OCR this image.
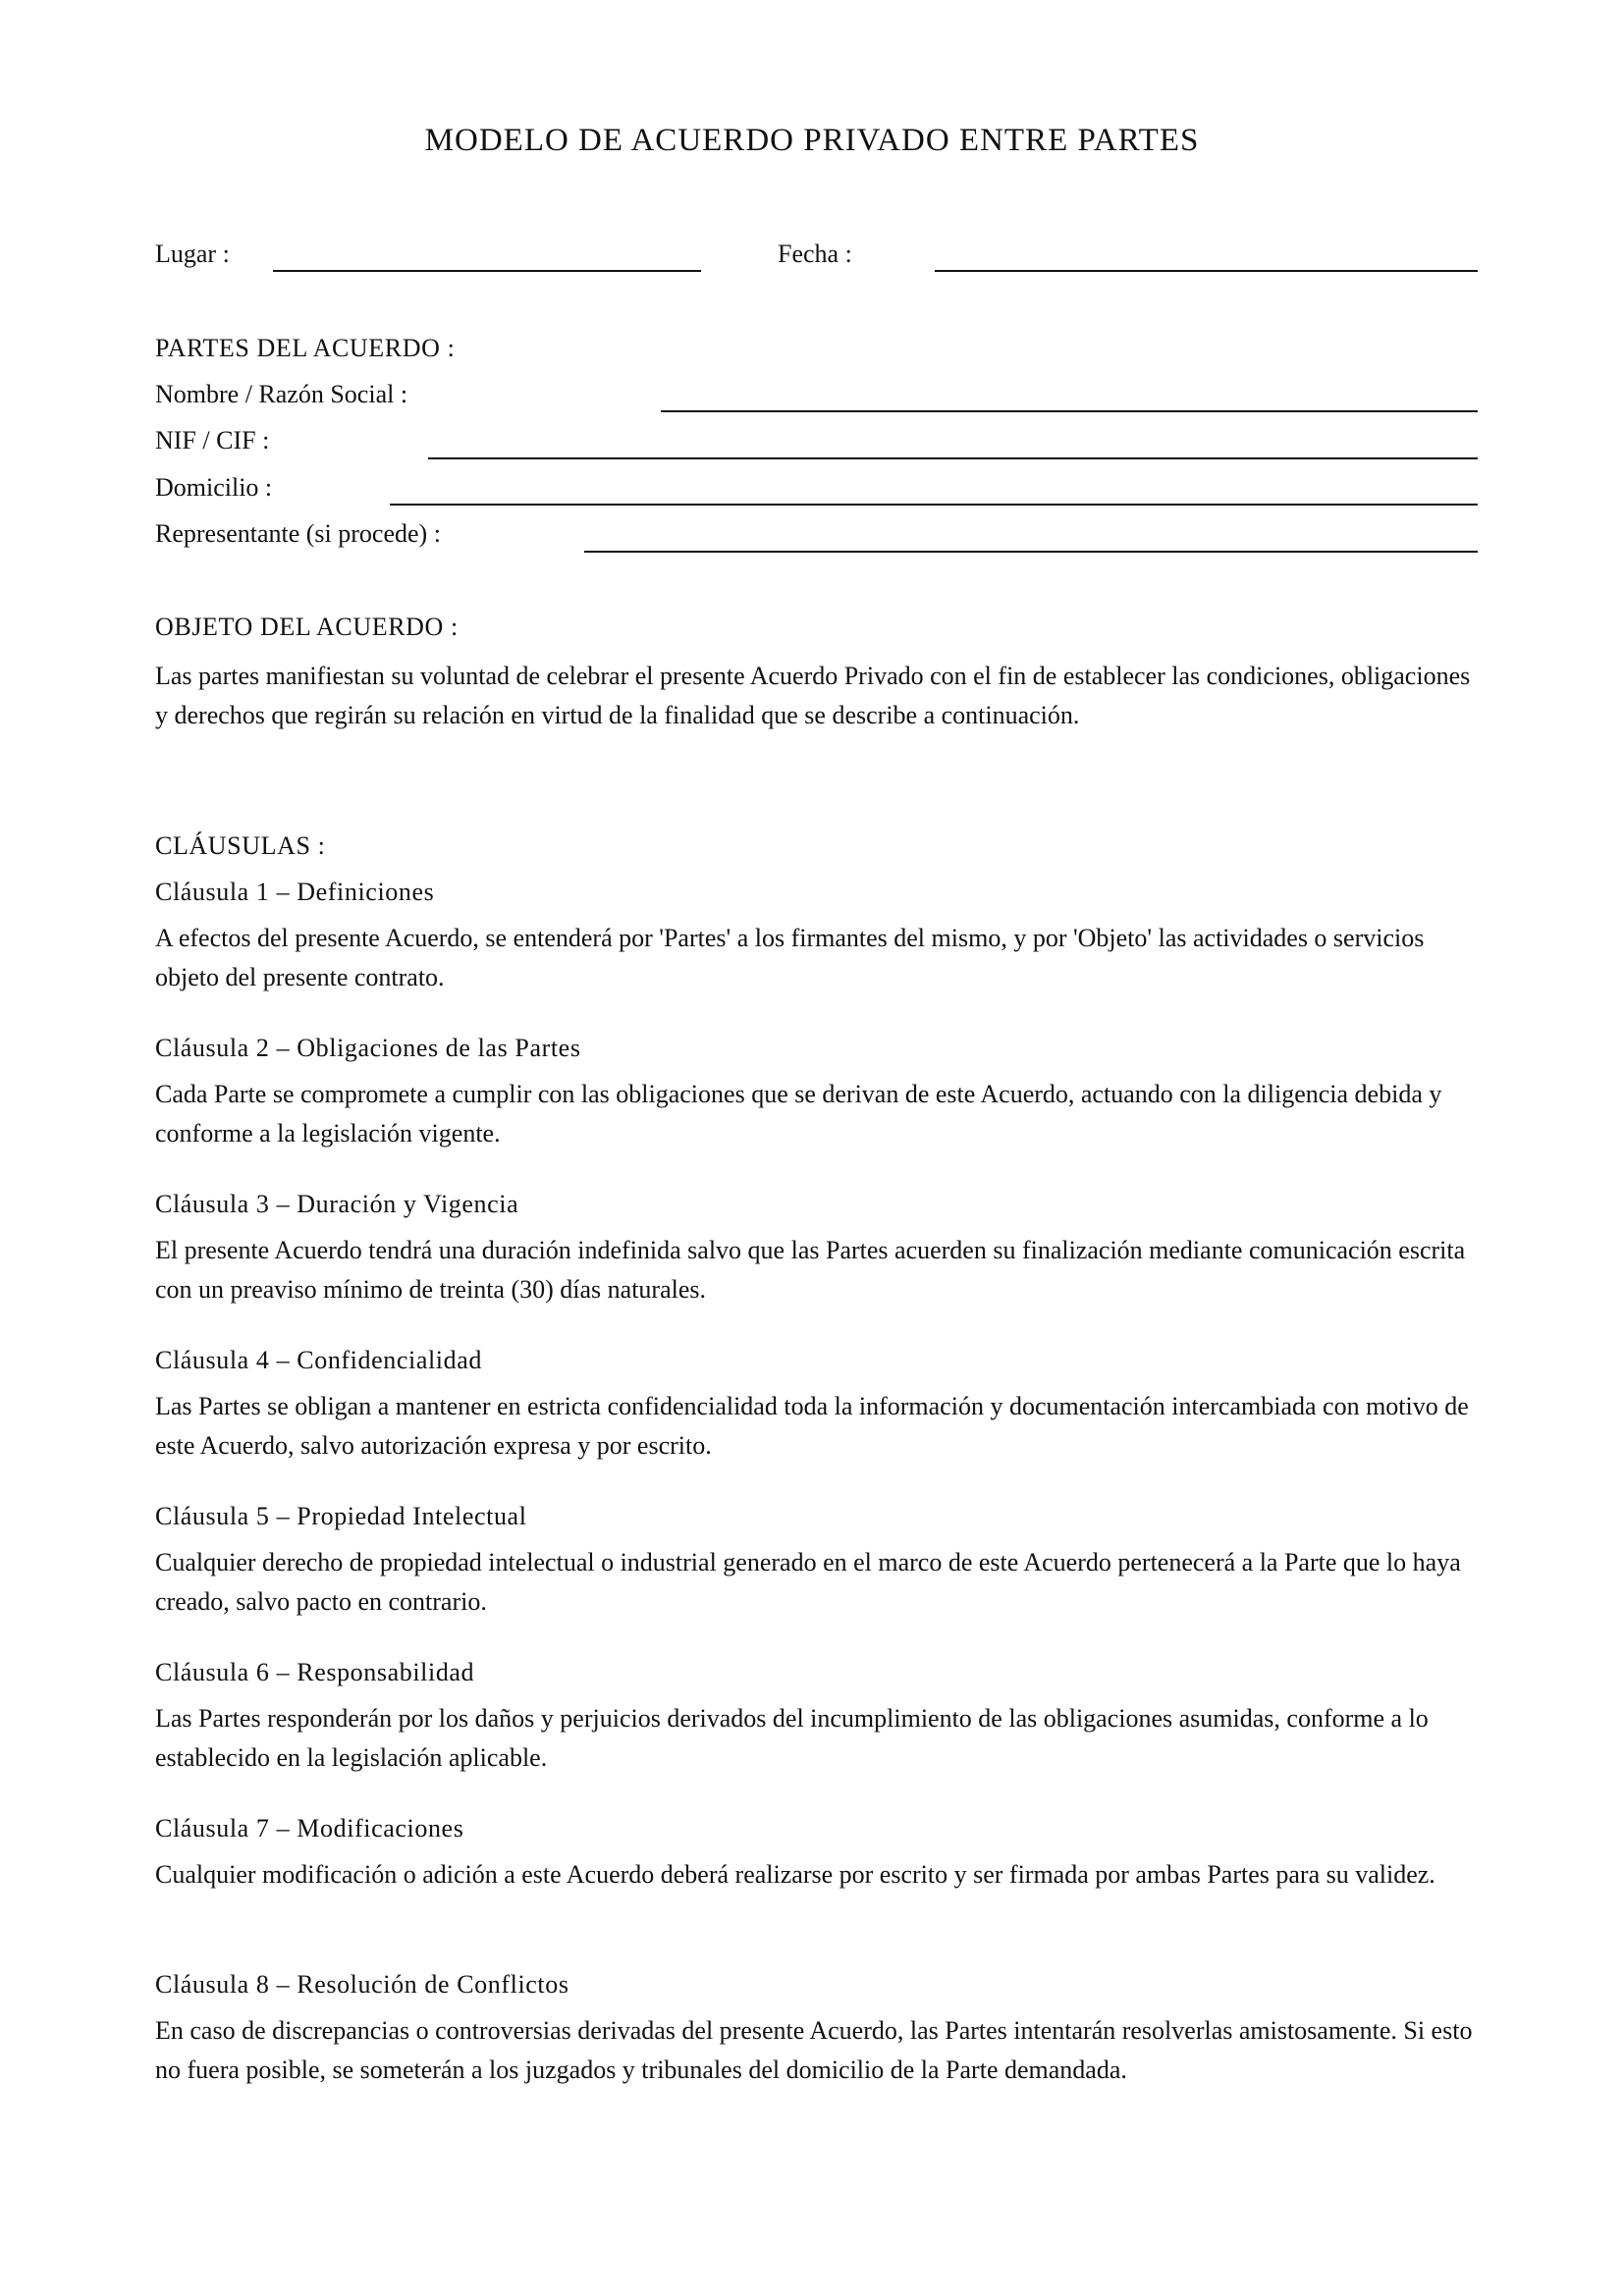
MODELO DE ACUERDO PRIVADO ENTRE PARTES
Lugar :	Fecha :
PARTES DEL ACUERDO :
Nombre / Razón Social :
NIF / CIF :
Domicilio :
Representante (si procede) :
OBJETO DEL ACUERDO :
Las partes manifiestan su voluntad de celebrar el presente Acuerdo Privado con el fin de establecer las condiciones, obligaciones y derechos que regirán su relación en virtud de la finalidad que se describe a continuación.
CLÁUSULAS :
Cláusula 1 – Definiciones
A efectos del presente Acuerdo, se entenderá por 'Partes' a los firmantes del mismo, y por 'Objeto' las actividades o servicios objeto del presente contrato.
Cláusula 2 – Obligaciones de las Partes
Cada Parte se compromete a cumplir con las obligaciones que se derivan de este Acuerdo, actuando con la diligencia debida y conforme a la legislación vigente.
Cláusula 3 – Duración y Vigencia
El presente Acuerdo tendrá una duración indefinida salvo que las Partes acuerden su finalización mediante comunicación escrita con un preaviso mínimo de treinta (30) días naturales.
Cláusula 4 – Confidencialidad
Las Partes se obligan a mantener en estricta confidencialidad toda la información y documentación intercambiada con motivo de este Acuerdo, salvo autorización expresa y por escrito.
Cláusula 5 – Propiedad Intelectual
Cualquier derecho de propiedad intelectual o industrial generado en el marco de este Acuerdo pertenecerá a la Parte que lo haya creado, salvo pacto en contrario.
Cláusula 6 – Responsabilidad
Las Partes responderán por los daños y perjuicios derivados del incumplimiento de las obligaciones asumidas, conforme a lo establecido en la legislación aplicable.
Cláusula 7 – Modificaciones
Cualquier modificación o adición a este Acuerdo deberá realizarse por escrito y ser firmada por ambas Partes para su validez.
Cláusula 8 – Resolución de Conflictos
En caso de discrepancias o controversias derivadas del presente Acuerdo, las Partes intentarán resolverlas amistosamente. Si esto no fuera posible, se someterán a los juzgados y tribunales del domicilio de la Parte demandada.
